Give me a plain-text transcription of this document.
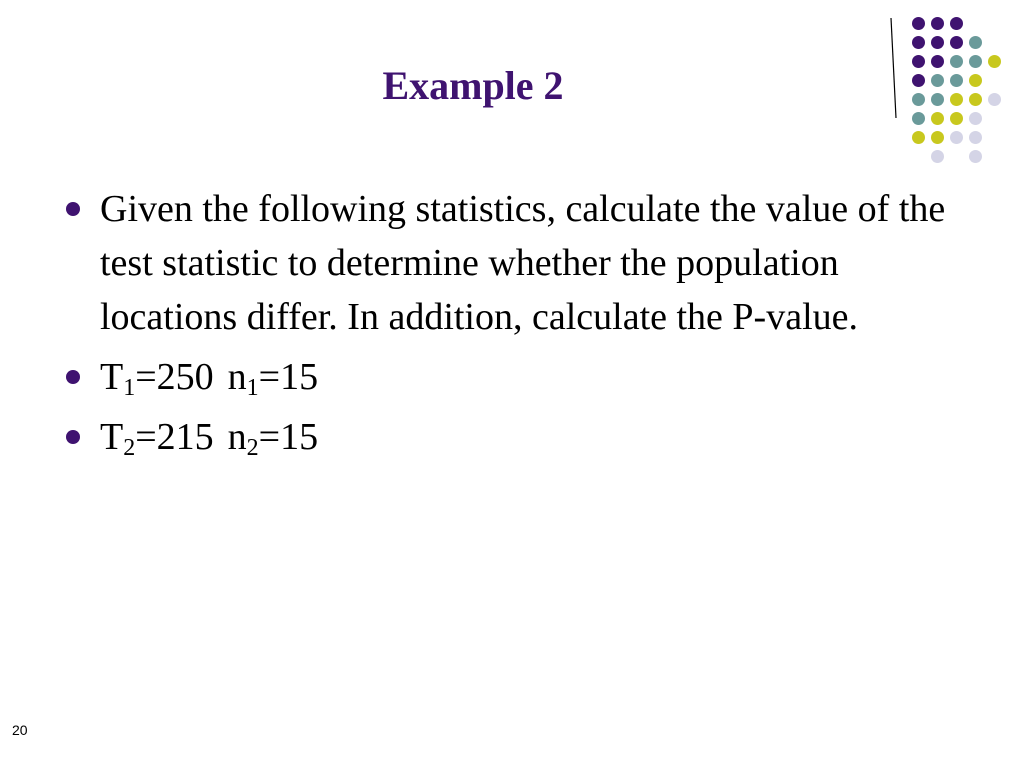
Example 2
Given the following statistics, calculate the value of the test statistic to determine whether the population locations differ. In addition, calculate the P-value.
$T_1=250$ $n_1=15$
$T_2=215$ $n_2=15$
20
